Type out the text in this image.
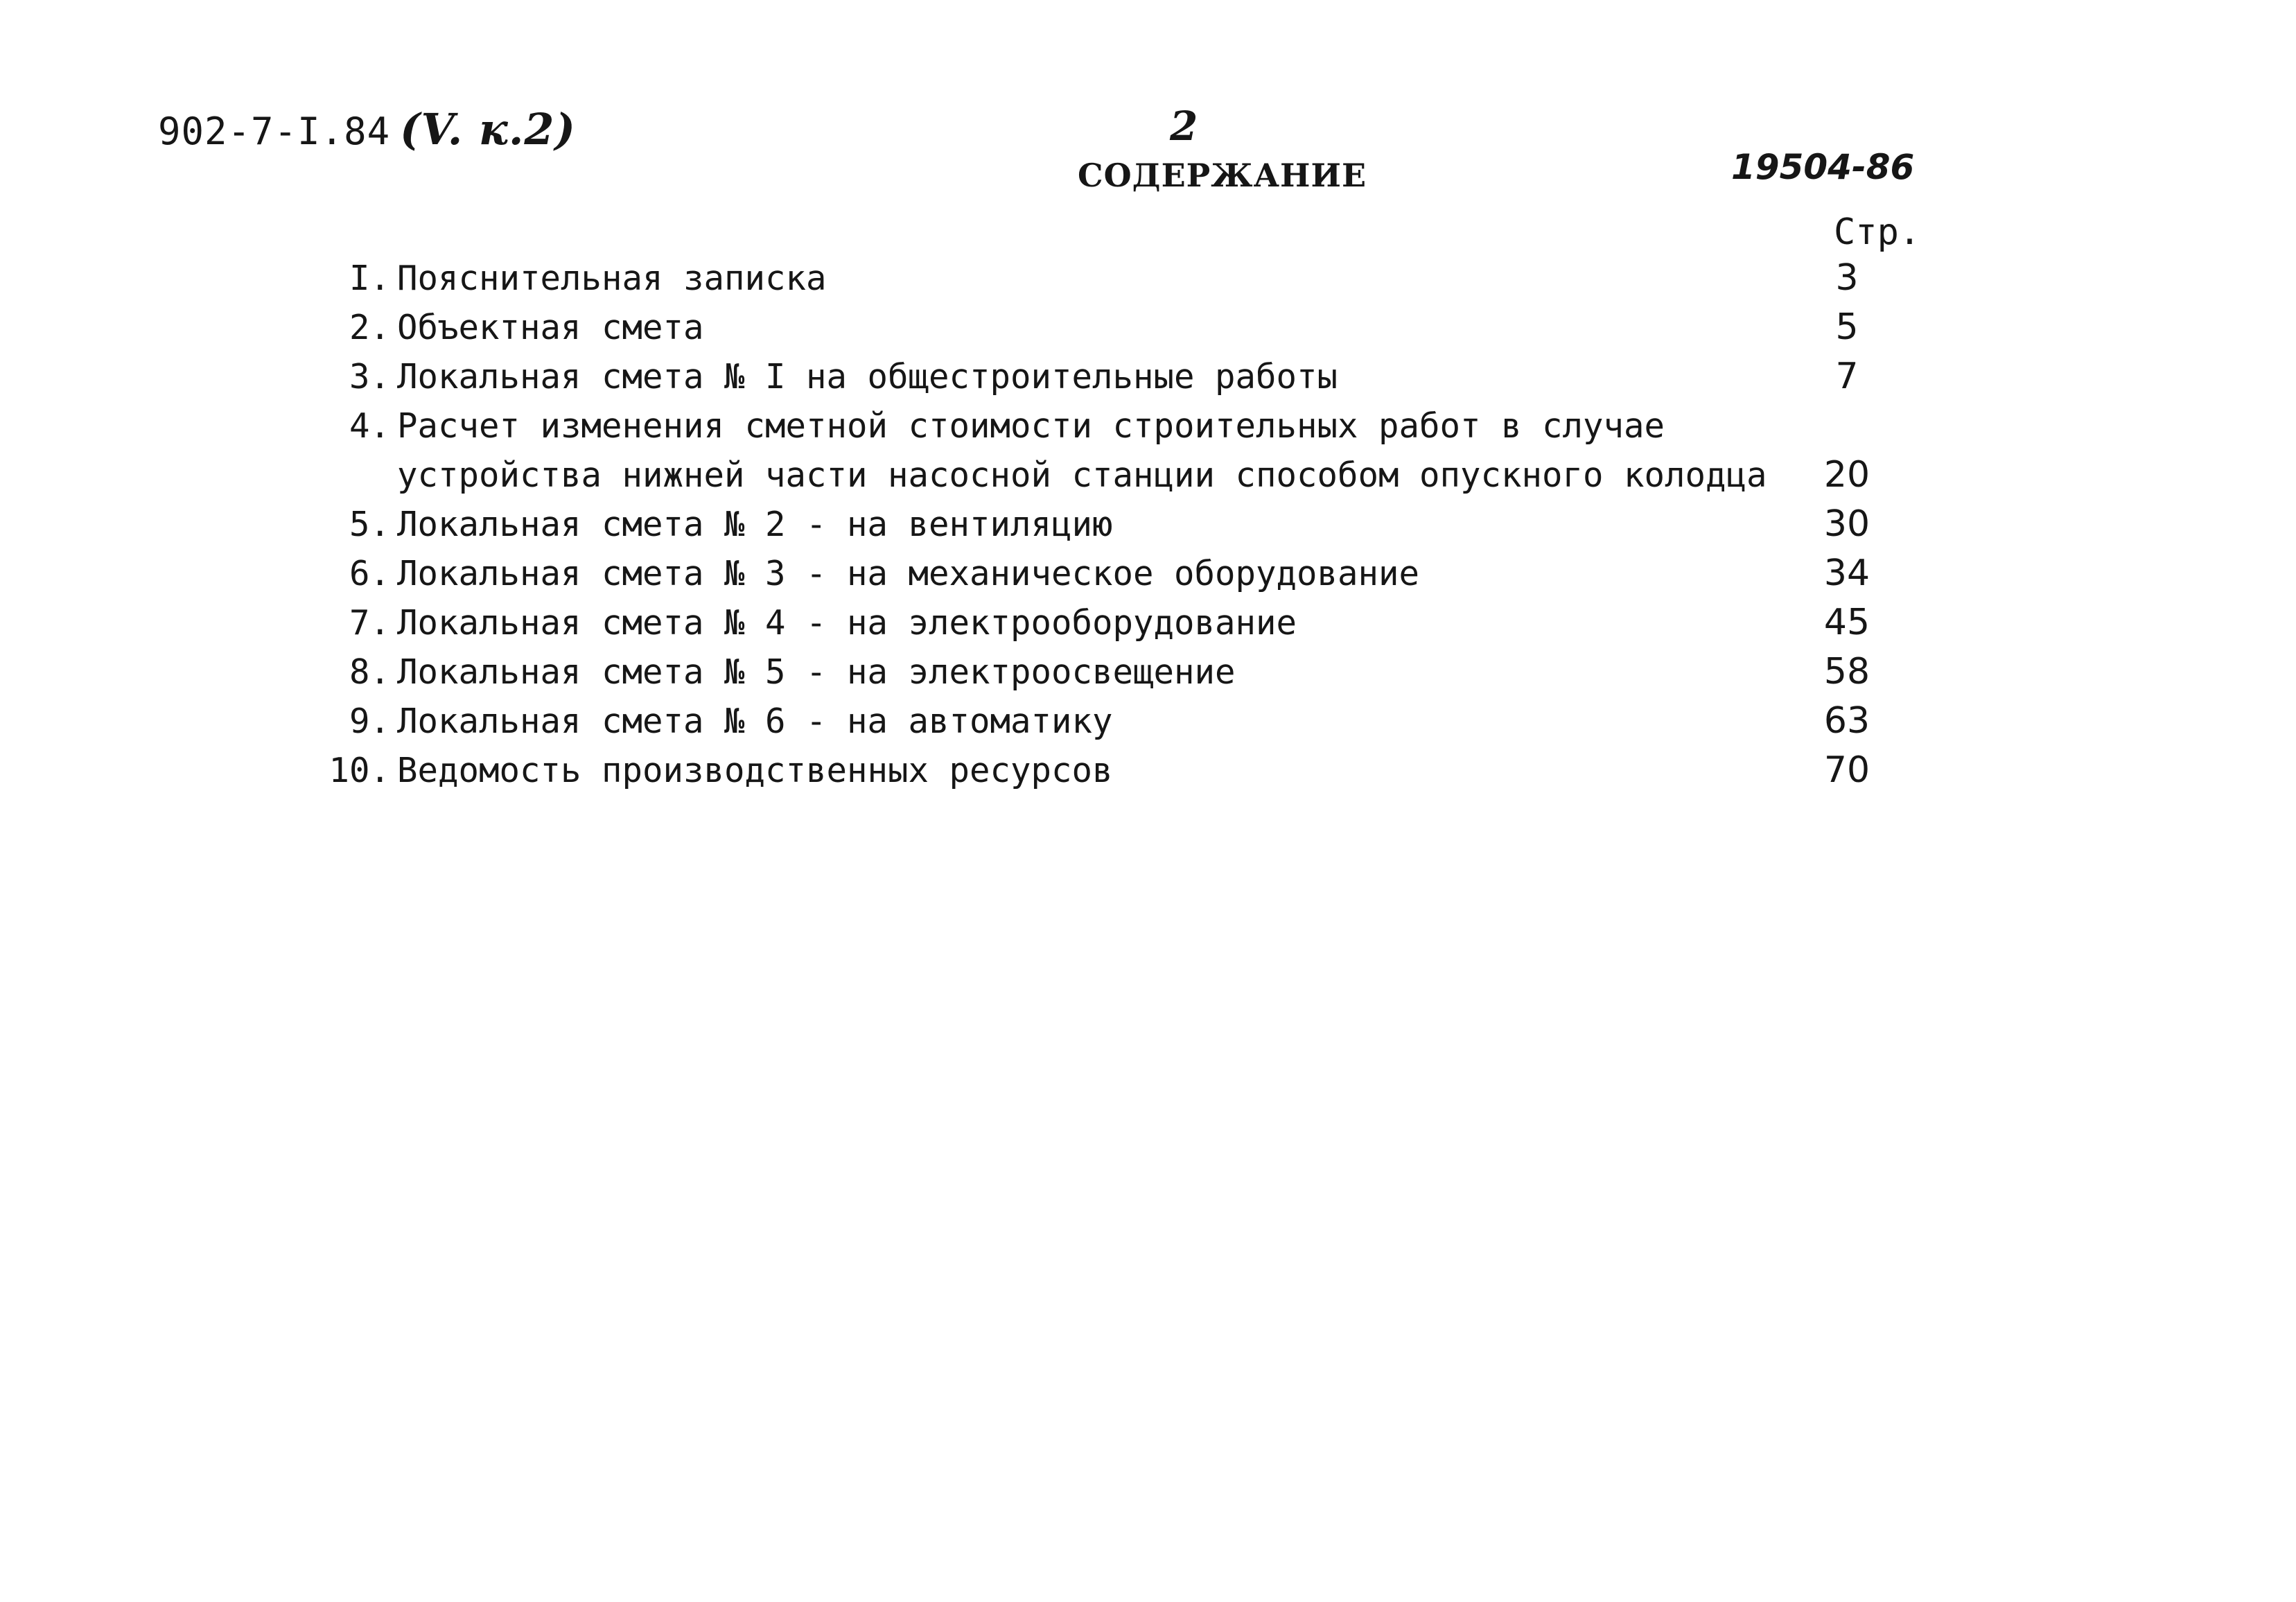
902-7-I.84 (V. к.2)	2
СОДЕРЖАНИЕ	19504-86
Стр.
I. Пояснительная записка	3
2. Объектная смета	5
3. Локальная смета № I на общестроительные работы	7
4. Расчет изменения сметной стоимости строительных работ в случае
устройства нижней части насосной станции способом опускного колодца	20
5. Локальная смета № 2 - на вентиляцию	30
6. Локальная смета № 3 - на механическое оборудование	34
7. Локальная смета № 4 - на электрооборудование	45
8. Локальная смета № 5 - на электроосвещение	58
9. Локальная смета № 6 - на автоматику	63
10. Ведомость производственных ресурсов	70
